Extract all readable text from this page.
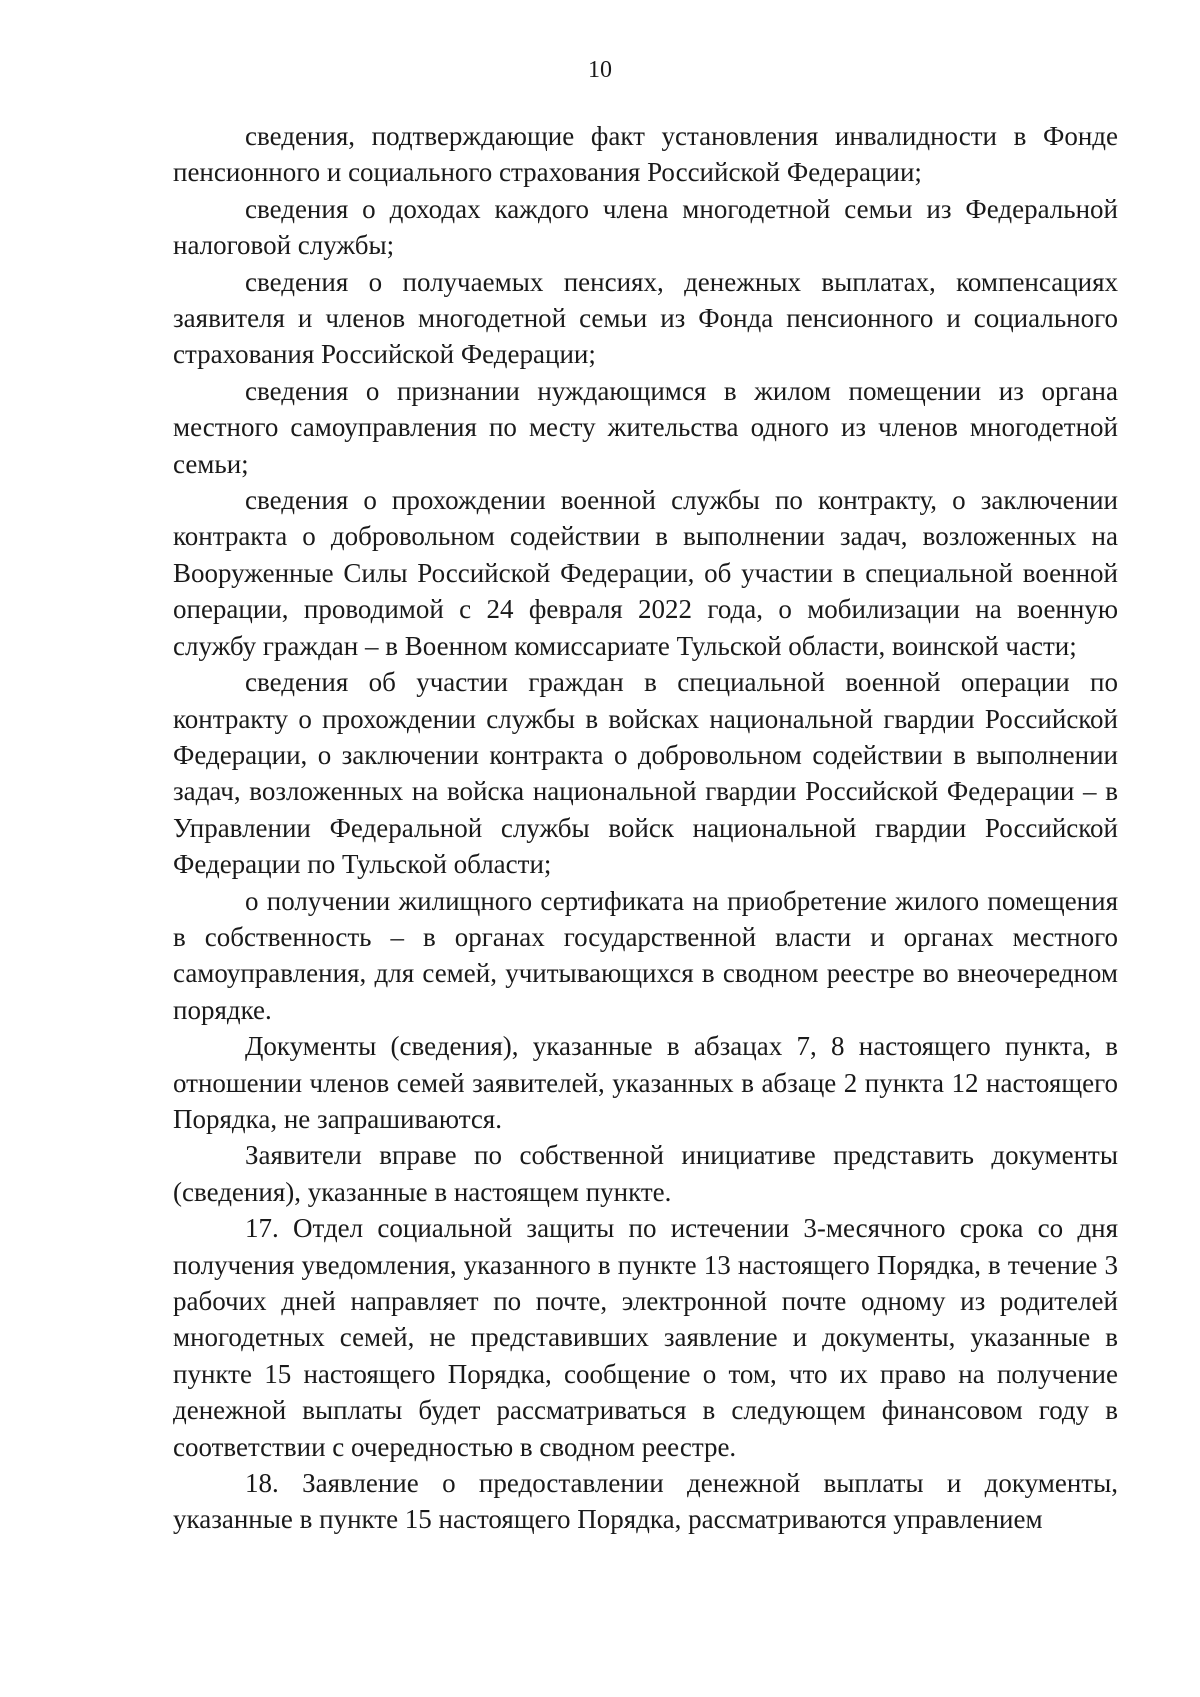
10

сведения, подтверждающие факт установления инвалидности в Фонде пенсионного и социального страхования Российской Федерации;

сведения о доходах каждого члена многодетной семьи из Федеральной налоговой службы;

сведения о получаемых пенсиях, денежных выплатах, компенсациях заявителя и членов многодетной семьи из Фонда пенсионного и социального страхования Российской Федерации;

сведения о признании нуждающимся в жилом помещении из органа местного самоуправления по месту жительства одного из членов многодетной семьи;

сведения о прохождении военной службы по контракту, о заключении контракта о добровольном содействии в выполнении задач, возложенных на Вооруженные Силы Российской Федерации, об участии в специальной военной операции, проводимой с 24 февраля 2022 года, о мобилизации на военную службу граждан – в Военном комиссариате Тульской области, воинской части;

сведения об участии граждан в специальной военной операции по контракту о прохождении службы в войсках национальной гвардии Российской Федерации, о заключении контракта о добровольном содействии в выполнении задач, возложенных на войска национальной гвардии Российской Федерации – в Управлении Федеральной службы войск национальной гвардии Российской Федерации по Тульской области;

о получении жилищного сертификата на приобретение жилого помещения в собственность – в органах государственной власти и органах местного самоуправления, для семей, учитывающихся в сводном реестре во внеочередном порядке.

Документы (сведения), указанные в абзацах 7, 8 настоящего пункта, в отношении членов семей заявителей, указанных в абзаце 2 пункта 12 настоящего Порядка, не запрашиваются.

Заявители вправе по собственной инициативе представить документы (сведения), указанные в настоящем пункте.

17. Отдел социальной защиты по истечении 3-месячного срока со дня получения уведомления, указанного в пункте 13 настоящего Порядка, в течение 3 рабочих дней направляет по почте, электронной почте одному из родителей многодетных семей, не представивших заявление и документы, указанные в пункте 15 настоящего Порядка, сообщение о том, что их право на получение денежной выплаты будет рассматриваться в следующем финансовом году в соответствии с очередностью в сводном реестре.

18. Заявление о предоставлении денежной выплаты и документы, указанные в пункте 15 настоящего Порядка, рассматриваются управлением
